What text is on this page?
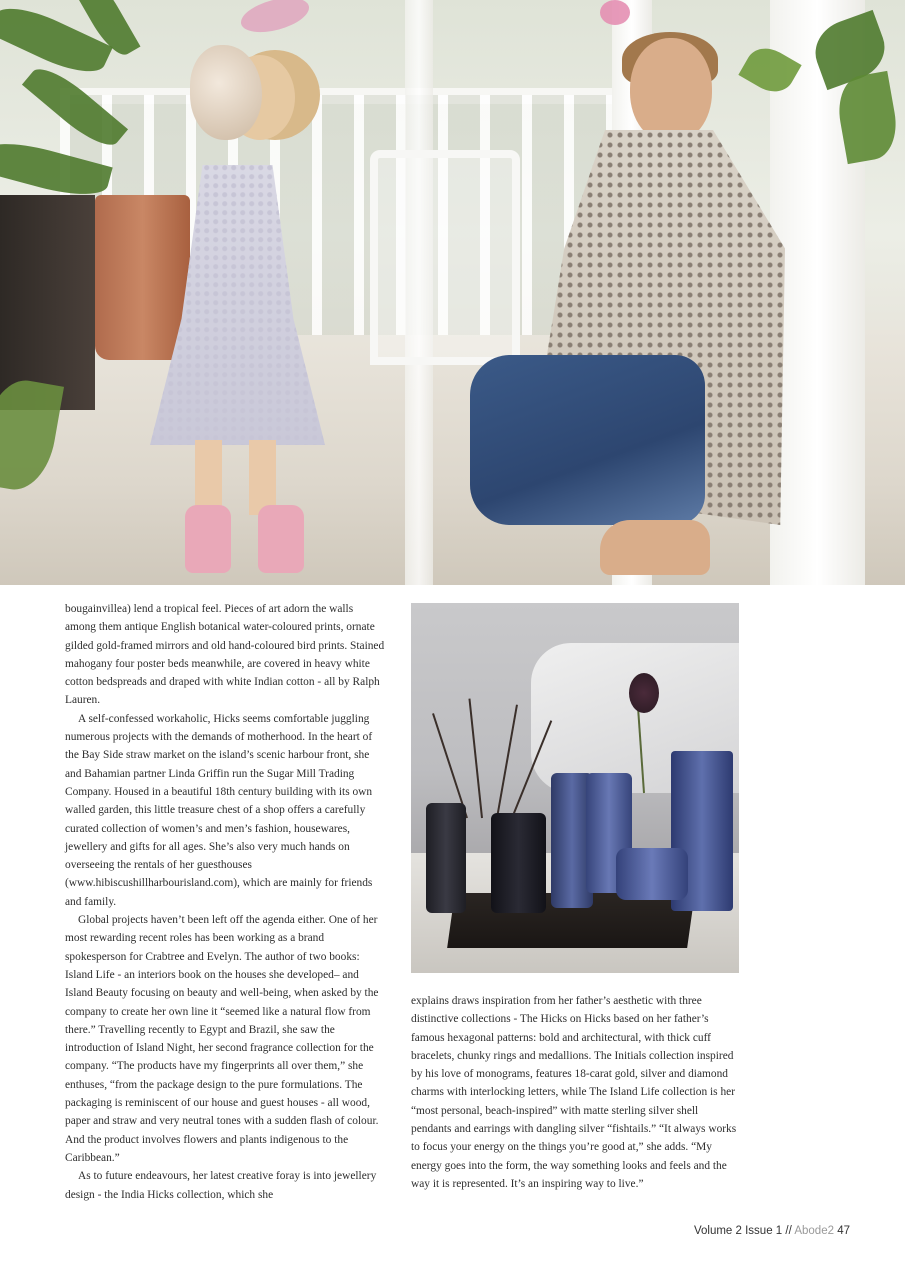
bougainvillea) lend a tropical feel. Pieces of art adorn the walls among them antique English botanical water-coloured prints, ornate gilded gold-framed mirrors and old hand-coloured bird prints. Stained mahogany four poster beds meanwhile, are covered in heavy white cotton bedspreads and draped with white Indian cotton - all by Ralph Lauren.

A self-confessed workaholic, Hicks seems comfortable juggling numerous projects with the demands of motherhood. In the heart of the Bay Side straw market on the island’s scenic harbour front, she and Bahamian partner Linda Griffin run the Sugar Mill Trading Company. Housed in a beautiful 18th century building with its own walled garden, this little treasure chest of a shop offers a carefully curated collection of women’s and men’s fashion, housewares, jewellery and gifts for all ages. She’s also very much hands on overseeing the rentals of her guesthouses (www.hibiscushillharbourisland.com), which are mainly for friends and family.

Global projects haven’t been left off the agenda either. One of her most rewarding recent roles has been working as a brand spokesperson for Crabtree and Evelyn. The author of two books: Island Life - an interiors book on the houses she developed– and Island Beauty focusing on beauty and well-being, when asked by the company to create her own line it “seemed like a natural flow from there.” Travelling recently to Egypt and Brazil, she saw the introduction of Island Night, her second fragrance collection for the company. “The products have my fingerprints all over them,” she enthuses, “from the package design to the pure formulations. The packaging is reminiscent of our house and guest houses - all wood, paper and straw and very neutral tones with a sudden flash of colour. And the product involves flowers and plants indigenous to the Caribbean.”

As to future endeavours, her latest creative foray is into jewellery design - the India Hicks collection, which she

explains draws inspiration from her father’s aesthetic with three distinctive collections - The Hicks on Hicks based on her father’s famous hexagonal patterns: bold and architectural, with thick cuff bracelets, chunky rings and medallions. The Initials collection inspired by his love of monograms, features 18-carat gold, silver and diamond charms with interlocking letters, while The Island Life collection is her “most personal, beach-inspired” with matte sterling silver shell pendants and earrings with dangling silver “fishtails.” “It always works to focus your energy on the things you’re good at,” she adds. “My energy goes into the form, the way something looks and feels and the way it is represented. It’s an inspiring way to live.”

Volume 2 Issue 1 // Abode2 47
